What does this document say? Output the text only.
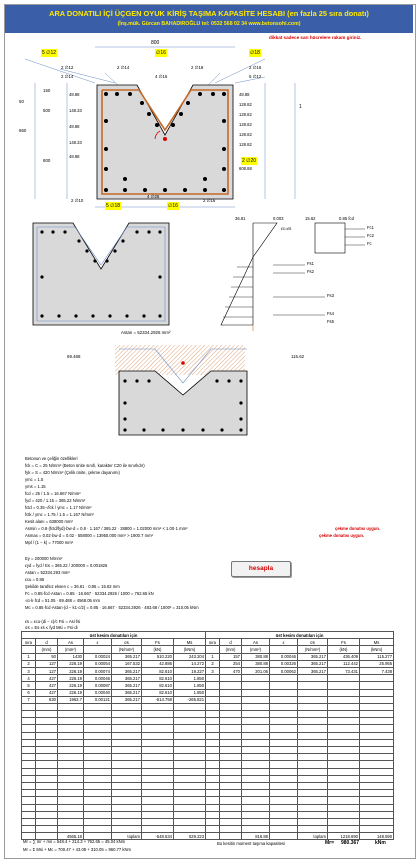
ARA DONATILI İÇİ ÜÇGEN OYUK KİRİŞ TAŞIMA KAPASİTE HESABI (en fazla 25 sıra donatı)
(İnş.mük. Gürcan BAHADIROĞLU tel: 0532 568 02 34 www.betonsohi.com)
dikkat sadece sarı hücrelere rakam giriniz.
800
5 ∅12	∅16	∅18
2 ∅20
5 ∅18	∅16
2 ∅12
2 ∅14	4 ∅16
2 ∅16
6 ∅12
2 ∅14	2 ∅18
2 ∅10	2 ∅16
50
860
150
500
800
48.88
148.33
48.88
148.33
48.88
48.88
128.82
128.82
128.82
128.82
128.82
608.88
1
4 ∅25
36.81	0.003	15.62	0.85 fcd
εc=εs	Fc1
Fc2
Fc
Fs1
Fs2
Fs3
Fs4
Fs5
Astan = 52334.2926 mm²
69.488	115.62
Betonun ve çeliğin özellikleri
fck = C = 25 N/mm² (Beton ünite sınıfı, karakter C20 ile sınırlıdır)
fyk = S = 420 N/mm² (Çelik ünite, çekme dayanımı)
γmc = 1.5
γms = 1.15
fcd = 25 / 1.5 = 16.667 N/mm²
fyd = 420 / 1.15 = 365.22 N/mm²
fctd = 0.35·√fck / γmc = 1.17 N/mm²
fctk / γmc = 1.75 / 1.5 = 1.167 N/mm²
Kesit alanı = 638000 mm²
Asmin = 0.8·(fctd/fyd)·bw·d = 0.8 · 1.167 / 365.22 · 28800 = 1.02000 mm² < 1.00·1 mm²	çekme donatısı uygun.
Asmax = 0.02·bw·d = 0.02 · 558000 = 13950.000 mm² > 1900.7 mm²	çekme donatısı uygun.
Mpl / (1 − k) = 77000 mm²
Ey = 200000 N/mm²
εyd = fyd / Es = 365.22 / 200000 = 0.001826
Astan = 52334.293 mm²
εcu = 0.85
Şekilde tarafsız eksen c = 36.81 · 0.85 = 15.62 mm
Fc = 0.85·fcd·Astan = 0.85 · 16.667 · 52334.2926 / 1000 = 762.65 kN
√α·k·fcd = 51.05 · 89.488 = 4568.05 mm
Mc = 0.85·fcd·Astan·(d − k1·c/2) = 0.85 · 16.667 · 52334.2926 · 483.68 / 1000² = 310.05 kNm
hesapla
εs = εcu·(di − c)/c Fsi = Asi·fsi
σs = Es·εs ≤ fyd Msi = Fsi·di
üst kesim donatıları için						
sıra	d	As	ε	σs	Fs	Ms
	(mm)	(mm²)		(N/mm²)	(kN)	(kNm)
1	50	1430	0.00024	365.217	510.220	243.204
2	127	226.19	0.00054	167.532	42.886	14.272
3	127	226.19	0.00074	365.217	82.610	19.227
4	427	226.19	0.00046	365.217	82.610	1.850
5	427	226.19	0.00087	365.217	82.610	1.850
6	427	226.19	0.00040	365.217	82.610	1.850
7	630	1963.7	0.00121	365.217	-514.759	-265.821

		4565.18		toplam	-548.534	529.223
üst kesim donatıları için						
sıra	d	As	ε	σs	Fs	Ms
	(mm)	(mm²)		(N/mm²)	(kN)	(kNm)
1	157	380.88	0.00046	365.217	436.409	115.277
2	254	380.88	0.00326	365.217	112.442	25.955
3	470	201.06	0.00062	365.217	73.431	7.438

		816.88		toplam	1218.690	148.590
Mr = ∑ mr + ms = 548.4 + 214.3 + 762.65 = 45.04 kNm
Mr = Σ Msi + Mc = 700.47 + 43.08 + 310.05 = 960.77 kNm
Bu kesitin moment taşıma kapasitesi	Mr= 980.367	kNm
